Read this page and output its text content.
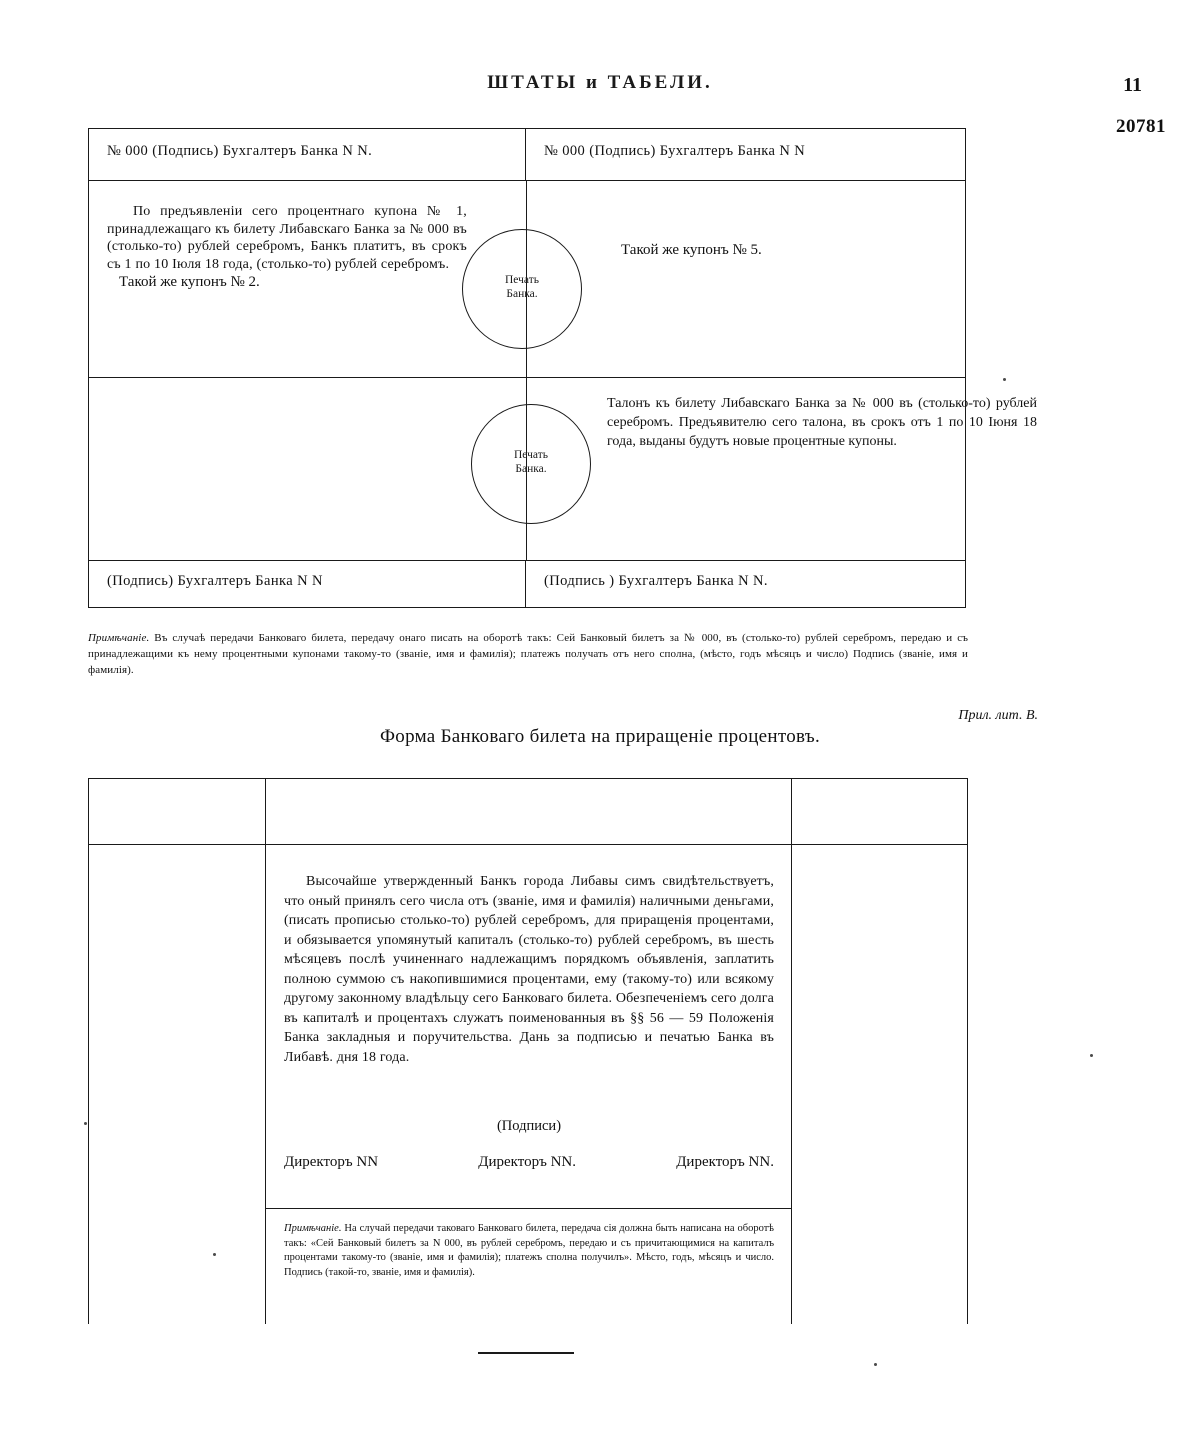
ШТАТЫ и ТАБЕЛИ.	11
20781
№ 000 (Подпись) Бухгалтеръ Банка N N.	№ 000 (Подпись) Бухгалтеръ Банка N N
(Подпись) Бухгалтеръ Банка N N	(Подпись ) Бухгалтеръ Банка N N.
По предъявленіи сего процентнаго купона № 1, принадлежащаго къ билету Либавскаго Банка за № 000 въ (столько-то) рублей серебромъ, Банкъ платитъ, въ срокъ съ 1 по 10 Іюля 18 года, (столько-то) рублей серебромъ.
Такой же купонъ № 5.
Такой же купонъ № 2.
Талонъ къ билету Либавскаго Банка за № 000 въ (столько-то) рублей серебромъ. Предъявителю сего талона, въ срокъ отъ 1 по 10 Іюня 18 года, выданы будутъ новые процентные купоны.
Печать
Банка.
Печать
Банка.
Примѣчаніе. Въ случаѣ передачи Банковаго билета, передачу онаго писать на оборотѣ такъ: Сей Банковый билетъ за № 000, въ (столько-то) рублей серебромъ, передаю и съ принадлежащими къ нему процентными купонами такому-то (званіе, имя и фамилія); платежъ получать отъ него сполна, (мѣсто, годъ мѣсяцъ и число) Подпись (званіе, имя и фамилія).
Прил. лит. В.
Форма Банковаго билета на приращеніе процентовъ.
Высочайше утвержденный Банкъ города Либавы симъ свидѣтельствуетъ, что оный принялъ сего числа отъ (званіе, имя и фамилія) наличными деньгами, (писать прописью столько-то) рублей серебромъ, для приращенія процентами, и обязывается упомянутый капиталъ (столько-то) рублей серебромъ, въ шесть мѣсяцевъ послѣ учиненнаго надлежащимъ порядкомъ объявленія, заплатить полною суммою съ накопившимися процентами, ему (такому-то) или всякому другому законному владѣльцу сего Банковаго билета. Обезпеченіемъ сего долга въ капиталѣ и процентахъ служатъ поименованныя въ §§ 56 — 59 Положенія Банка закладныя и поручительства. Дань за подписью и печатью Банка въ Либавѣ. дня 18 года.
(Подписи)
Директоръ NN	Директоръ NN.	Директоръ NN.
Примѣчаніе. На случай передачи таковаго Банковаго билета, передача сія должна быть написана на оборотѣ такъ: «Сей Банковый билетъ за N 000, въ рублей серебромъ, передаю и съ причитающимися на капиталъ процентами такому-то (званіе, имя и фамилія); платежъ сполна получилъ». Мѣсто, годъ, мѣсяцъ и число. Подпись (такой-то, званіе, имя и фамилія).
